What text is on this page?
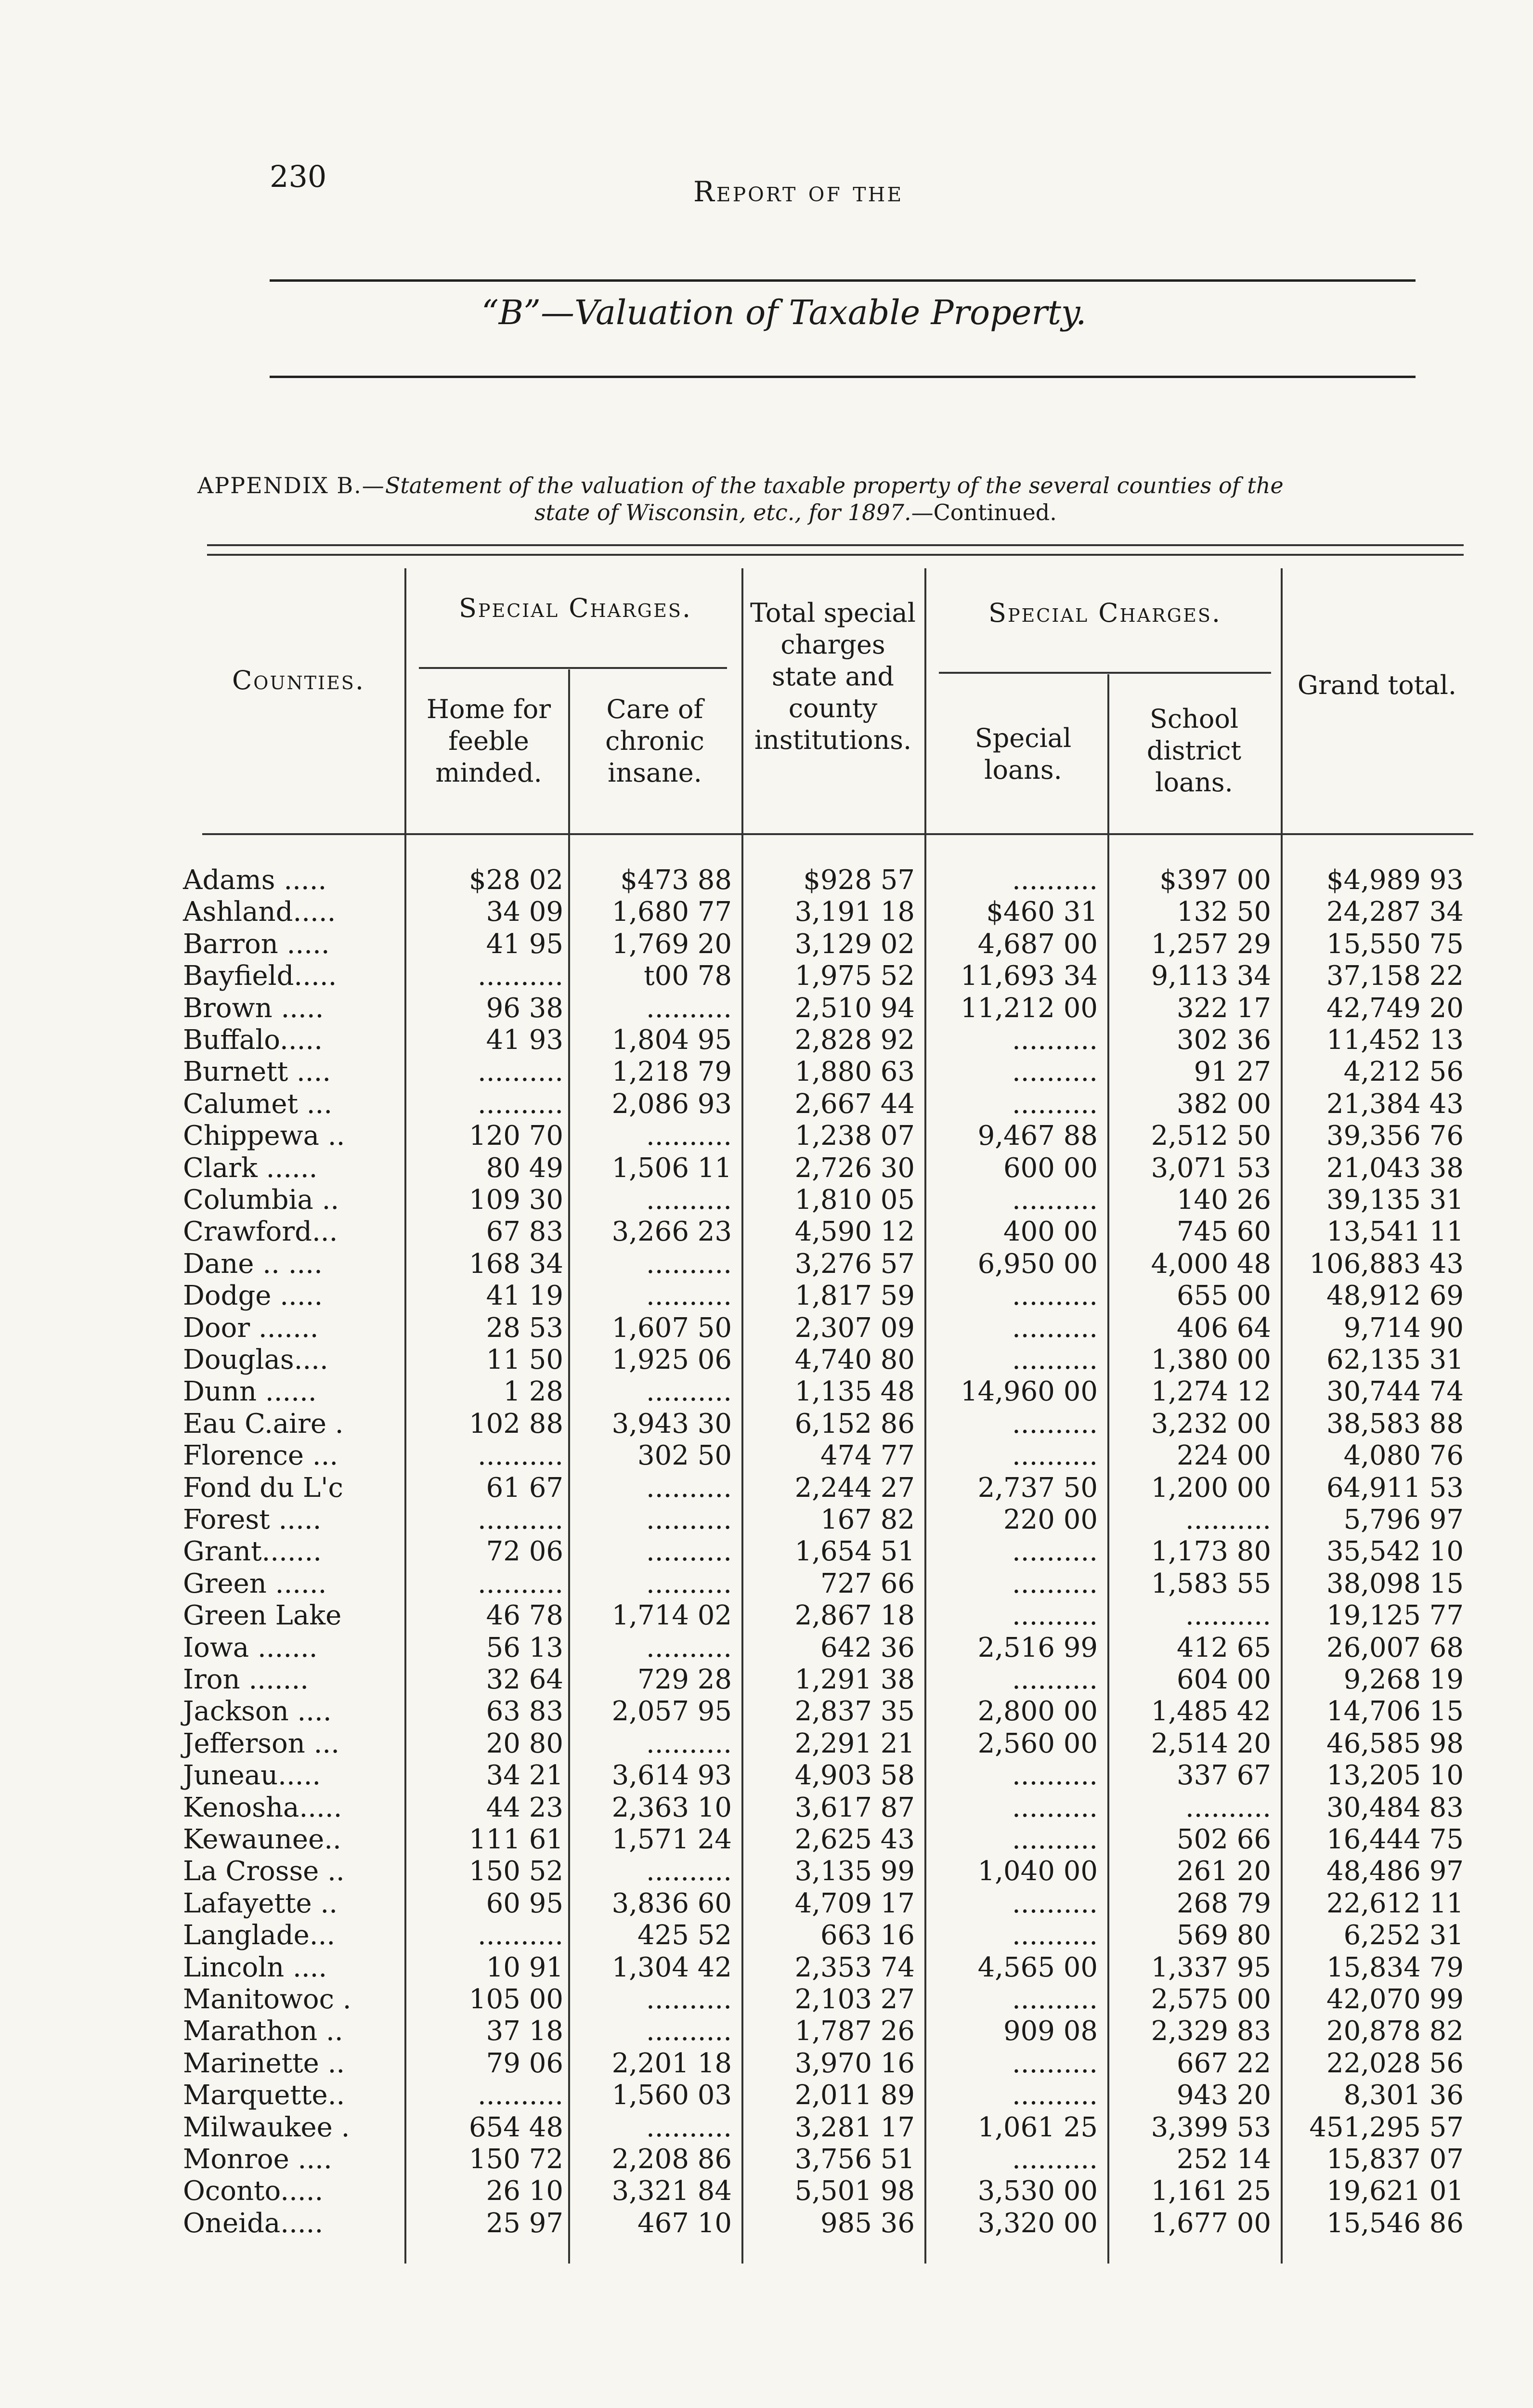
230	Report of the
“B”—Valuation of Taxable Property.
APPENDIX B.—Statement of the valuation of the taxable property of the several counties of the
state of Wisconsin, etc., for 1897.—Continued.
Counties.
Special Charges.
Home for feeble minded.
Care of chronic insane.
Total special charges state and county institutions.
Special Charges.
Special loans.
School district loans.
Grand total.
Adams .....	$28 02	$473 88	$928 57	..........	$397 00	$4,989 93
Ashland.....	34 09	1,680 77	3,191 18	$460 31	132 50	24,287 34
Barron .....	41 95	1,769 20	3,129 02	4,687 00	1,257 29	15,550 75
Bayfield.....	..........	t00 78	1,975 52	11,693 34	9,113 34	37,158 22
Brown .....	96 38	..........	2,510 94	11,212 00	322 17	42,749 20
Buffalo.....	41 93	1,804 95	2,828 92	..........	302 36	11,452 13
Burnett ....	..........	1,218 79	1,880 63	..........	91 27	4,212 56
Calumet ...	..........	2,086 93	2,667 44	..........	382 00	21,384 43
Chippewa ..	120 70	..........	1,238 07	9,467 88	2,512 50	39,356 76
Clark ......	80 49	1,506 11	2,726 30	600 00	3,071 53	21,043 38
Columbia ..	109 30	..........	1,810 05	..........	140 26	39,135 31
Crawford...	67 83	3,266 23	4,590 12	400 00	745 60	13,541 11
Dane .. ....	168 34	..........	3,276 57	6,950 00	4,000 48	106,883 43
Dodge .....	41 19	..........	1,817 59	..........	655 00	48,912 69
Door .......	28 53	1,607 50	2,307 09	..........	406 64	9,714 90
Douglas....	11 50	1,925 06	4,740 80	..........	1,380 00	62,135 31
Dunn ......	1 28	..........	1,135 48	14,960 00	1,274 12	30,744 74
Eau C.aire .	102 88	3,943 30	6,152 86	..........	3,232 00	38,583 88
Florence ...	..........	302 50	474 77	..........	224 00	4,080 76
Fond du L'c	61 67	..........	2,244 27	2,737 50	1,200 00	64,911 53
Forest .....	..........	..........	167 82	220 00	..........	5,796 97
Grant.......	72 06	..........	1,654 51	..........	1,173 80	35,542 10
Green ......	..........	..........	727 66	..........	1,583 55	38,098 15
Green Lake	46 78	1,714 02	2,867 18	..........	..........	19,125 77
Iowa .......	56 13	..........	642 36	2,516 99	412 65	26,007 68
Iron .......	32 64	729 28	1,291 38	..........	604 00	9,268 19
Jackson ....	63 83	2,057 95	2,837 35	2,800 00	1,485 42	14,706 15
Jefferson ...	20 80	..........	2,291 21	2,560 00	2,514 20	46,585 98
Juneau.....	34 21	3,614 93	4,903 58	..........	337 67	13,205 10
Kenosha.....	44 23	2,363 10	3,617 87	..........	..........	30,484 83
Kewaunee..	111 61	1,571 24	2,625 43	..........	502 66	16,444 75
La Crosse ..	150 52	..........	3,135 99	1,040 00	261 20	48,486 97
Lafayette ..	60 95	3,836 60	4,709 17	..........	268 79	22,612 11
Langlade...	..........	425 52	663 16	..........	569 80	6,252 31
Lincoln ....	10 91	1,304 42	2,353 74	4,565 00	1,337 95	15,834 79
Manitowoc .	105 00	..........	2,103 27	..........	2,575 00	42,070 99
Marathon ..	37 18	..........	1,787 26	909 08	2,329 83	20,878 82
Marinette ..	79 06	2,201 18	3,970 16	..........	667 22	22,028 56
Marquette..	..........	1,560 03	2,011 89	..........	943 20	8,301 36
Milwaukee .	654 48	..........	3,281 17	1,061 25	3,399 53	451,295 57
Monroe ....	150 72	2,208 86	3,756 51	..........	252 14	15,837 07
Oconto.....	26 10	3,321 84	5,501 98	3,530 00	1,161 25	19,621 01
Oneida.....	25 97	467 10	985 36	3,320 00	1,677 00	15,546 86
